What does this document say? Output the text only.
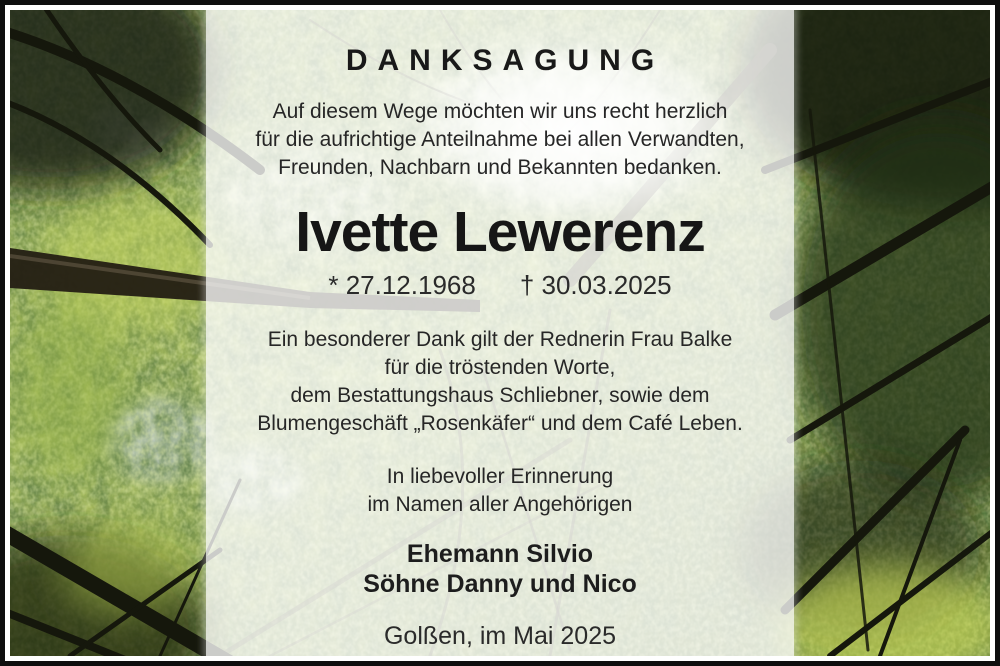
DANKSAGUNG
Auf diesem Wege möchten wir uns recht herzlich
für die aufrichtige Anteilnahme bei allen Verwandten,
Freunden, Nachbarn und Bekannten bedanken.
Ivette Lewerenz
* 27.12.1968 † 30.03.2025
Ein besonderer Dank gilt der Rednerin Frau Balke
für die tröstenden Worte,
dem Bestattungshaus Schliebner, sowie dem
Blumengeschäft „Rosenkäfer“ und dem Café Leben.
In liebevoller Erinnerung
im Namen aller Angehörigen
Ehemann Silvio
Söhne Danny und Nico
Golßen, im Mai 2025
